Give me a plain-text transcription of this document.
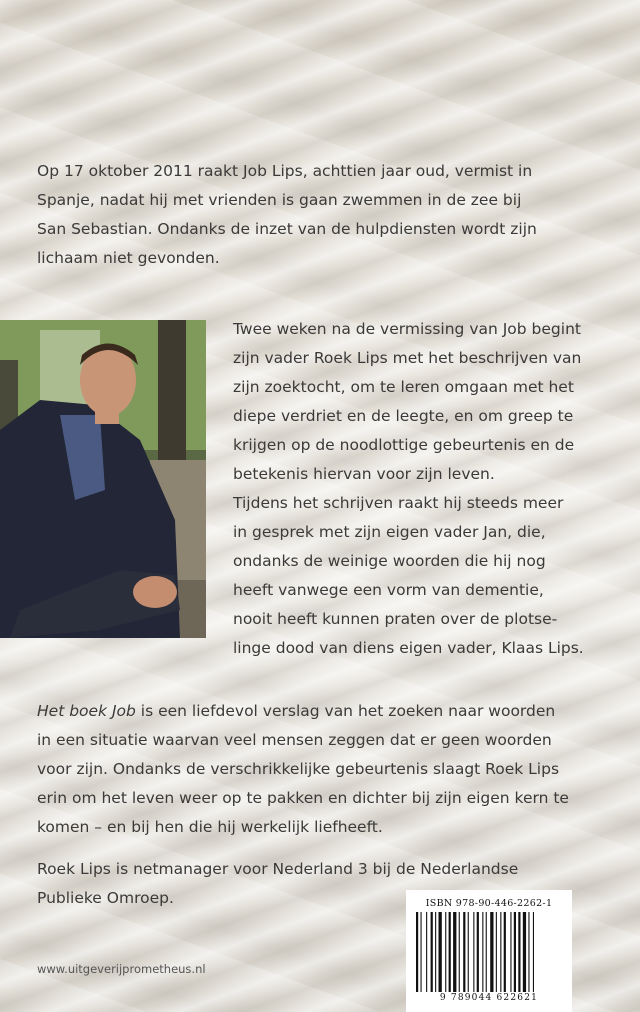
Op 17 oktober 2011 raakt Job Lips, achttien jaar oud, vermist in
Spanje, nadat hij met vrienden is gaan zwemmen in de zee bij
San Sebastian. Ondanks de inzet van de hulpdiensten wordt zijn
lichaam niet gevonden.
Twee weken na de vermissing van Job begint
zijn vader Roek Lips met het beschrijven van
zijn zoektocht, om te leren omgaan met het
diepe verdriet en de leegte, en om greep te
krijgen op de noodlottige gebeurtenis en de
betekenis hiervan voor zijn leven.
Tijdens het schrijven raakt hij steeds meer
in gesprek met zijn eigen vader Jan, die,
ondanks de weinige woorden die hij nog
heeft vanwege een vorm van dementie,
nooit heeft kunnen praten over de plotse-
linge dood van diens eigen vader, Klaas Lips.
Het boek Job is een liefdevol verslag van het zoeken naar woorden
in een situatie waarvan veel mensen zeggen dat er geen woorden
voor zijn. Ondanks de verschrikkelijke gebeurtenis slaagt Roek Lips
erin om het leven weer op te pakken en dichter bij zijn eigen kern te
komen – en bij hen die hij werkelijk liefheeft.
Roek Lips is netmanager voor Nederland 3 bij de Nederlandse
Publieke Omroep.
www.uitgeverijprometheus.nl
ISBN 978-90-446-2262-1
9 789044 622621
